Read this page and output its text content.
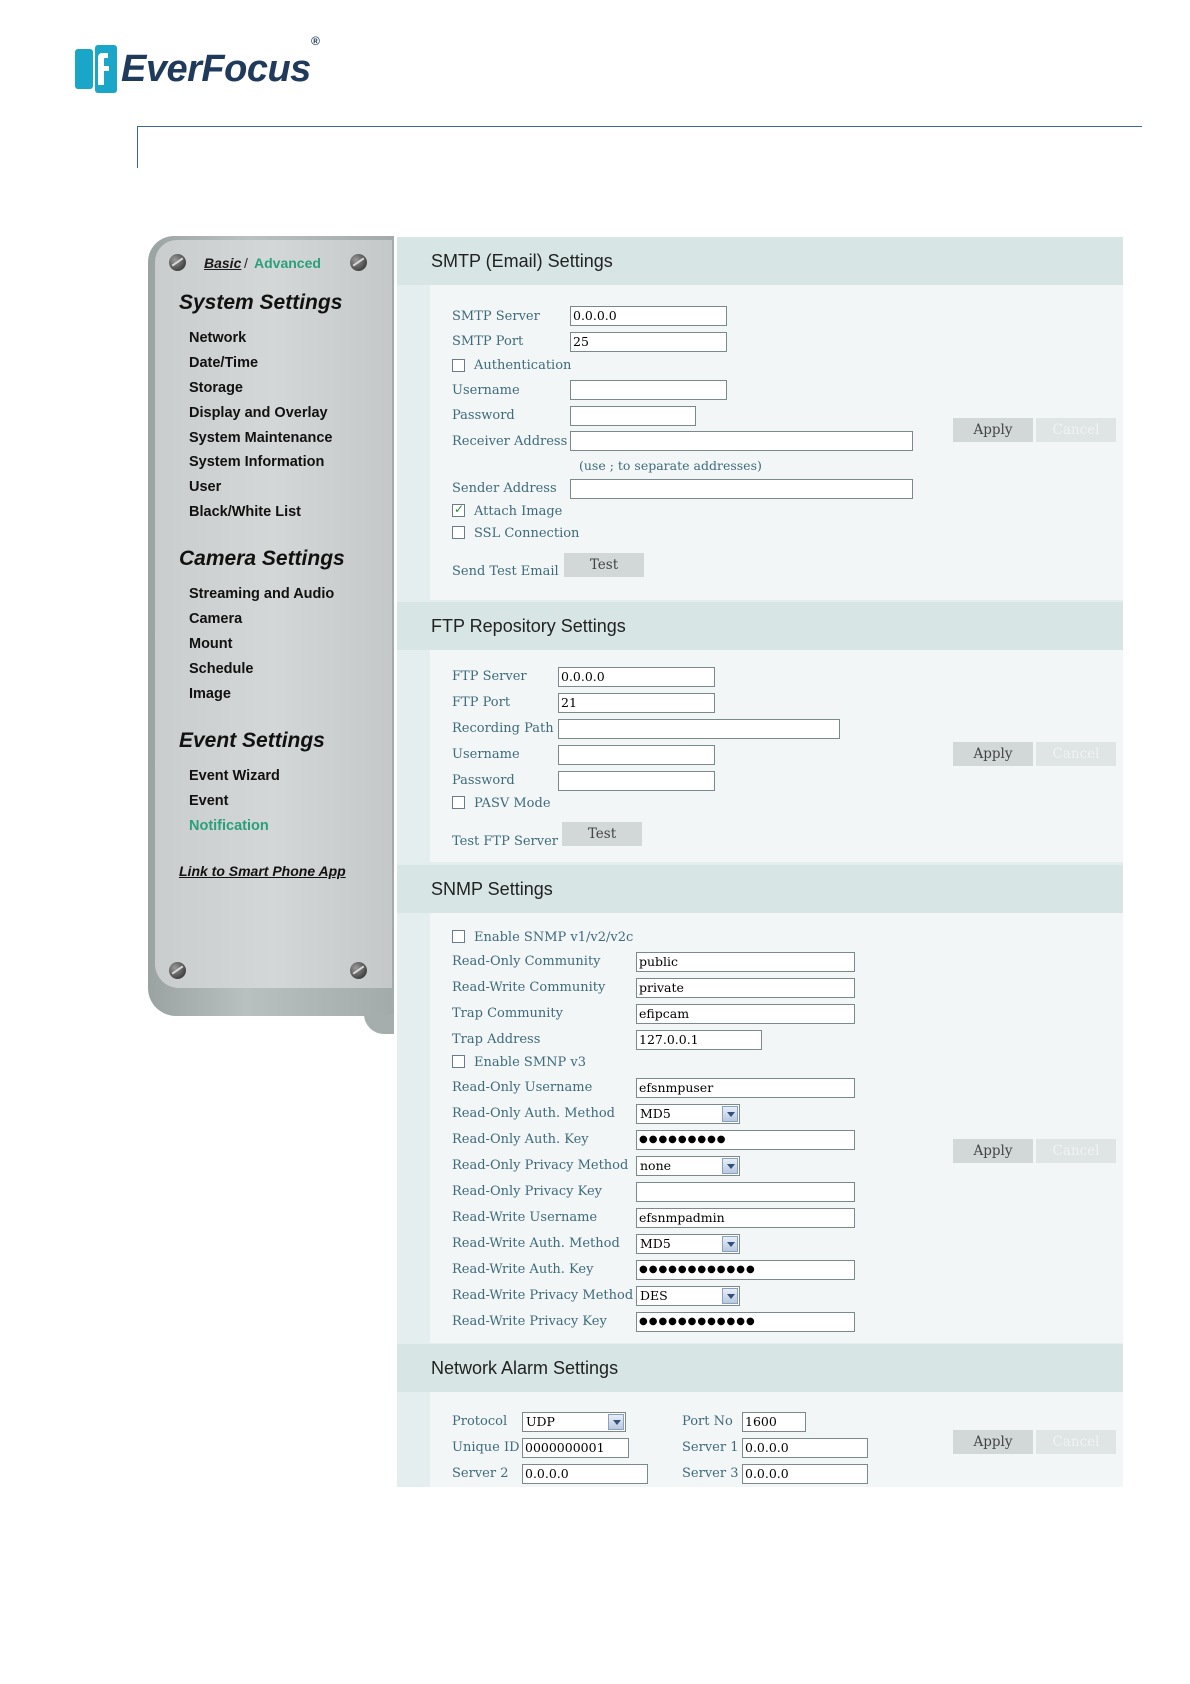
EverFocus®
Basic / Advanced
System Settings
Network
Date/Time
Storage
Display and Overlay
System Maintenance
System Information
User
Black/White List
Camera Settings
Streaming and Audio
Camera
Mount
Schedule
Image
Event Settings
Event Wizard
Event
Notification
Link to Smart Phone App
SMTP (Email) Settings
SMTP Server	0.0.0.0
SMTP Port	25
Authentication
Username
Password
Receiver Address
(use ; to separate addresses)
Sender Address
✓
Attach Image
SSL Connection
Send Test Email	Test
Apply	Cancel
FTP Repository Settings
FTP Server	0.0.0.0
FTP Port	21
Recording Path
Username
Password
PASV Mode
Test FTP Server	Test
Apply	Cancel
SNMP Settings
Enable SNMP v1/v2/v2c
Read-Only Community	public
Read-Write Community	private
Trap Community	efipcam
Trap Address	127.0.0.1
Enable SMNP v3
Read-Only Username	efsnmpuser
Read-Only Auth. Method	MD5
Read-Only Auth. Key	●●●●●●●●●
Read-Only Privacy Method none
Read-Only Privacy Key
Read-Write Username	efsnmpadmin
Read-Write Auth. Method	MD5
Read-Write Auth. Key	●●●●●●●●●●●●
Read-Write Privacy Method DES
Read-Write Privacy Key	●●●●●●●●●●●●
Apply	Cancel
Network Alarm Settings
Protocol	UDP	Port No 1600
Unique ID 0000000001	Server 1 0.0.0.0
Server 2 0.0.0.0	Server 3 0.0.0.0
Apply	Cancel
